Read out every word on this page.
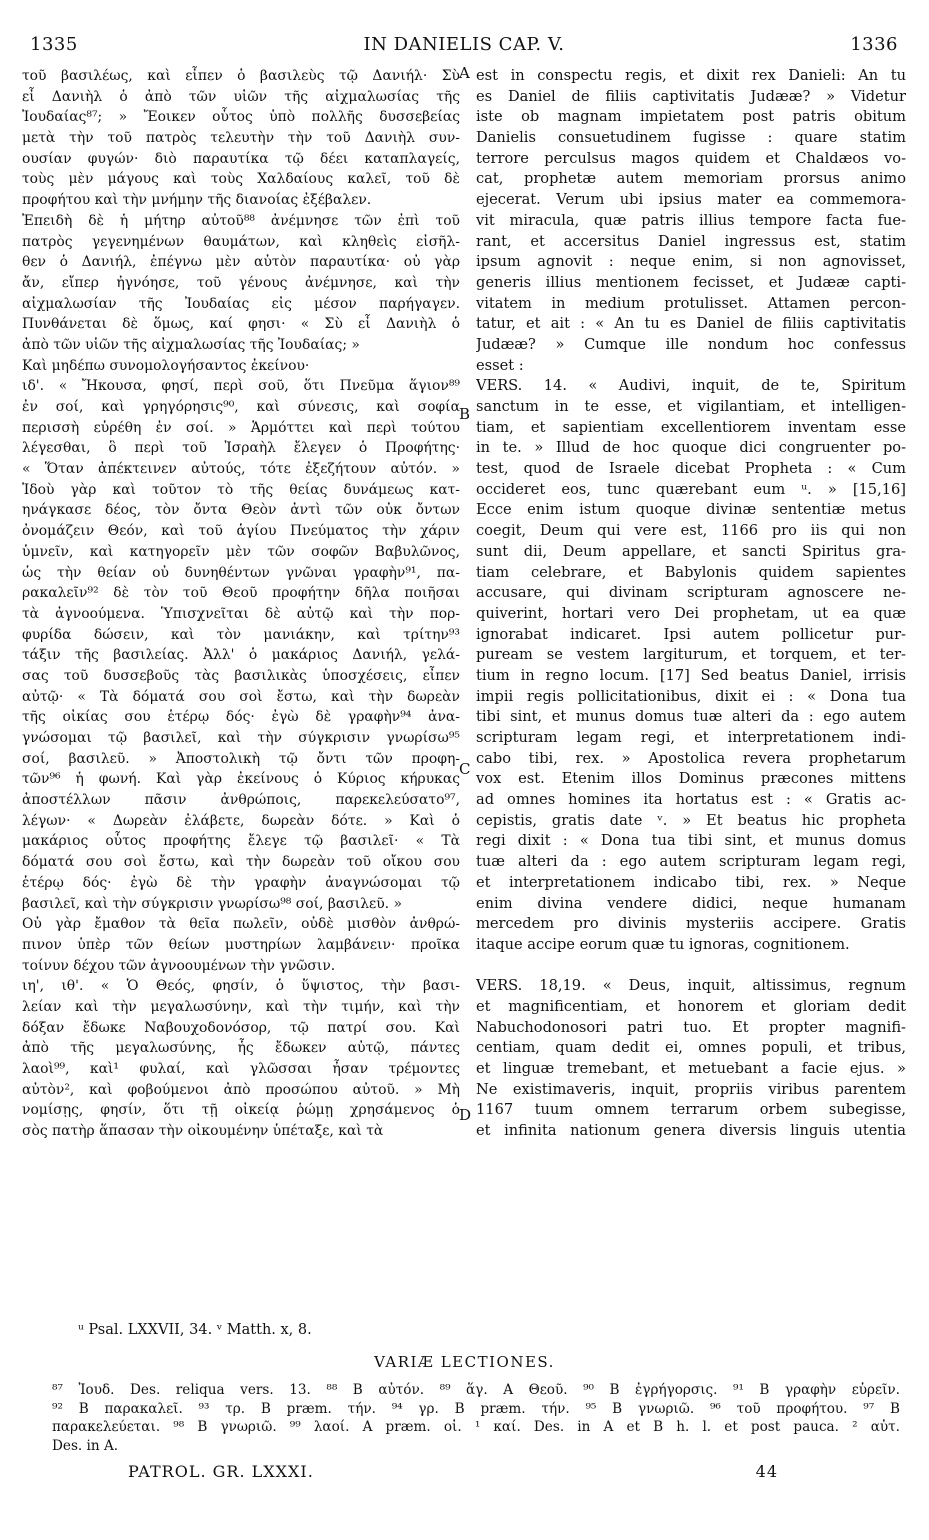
1335	IN DANIELIS CAP. V.	1336
τοῦ βασιλέως, καὶ εἶπεν ὁ βασιλεὺς τῷ Δανιήλ· Σὺ
εἶ Δανιὴλ ὁ ἀπὸ τῶν υἱῶν τῆς αἰχμαλωσίας τῆς
Ἰουδαίας⁸⁷; » Ἔοικεν οὗτος ὑπὸ πολλῆς δυσσεβείας
μετὰ τὴν τοῦ πατρὸς τελευτὴν τὴν τοῦ Δανιὴλ συν-
ουσίαν φυγών· διὸ παραυτίκα τῷ δέει καταπλαγείς,
τοὺς μὲν μάγους καὶ τοὺς Χαλδαίους καλεῖ, τοῦ δὲ
προφήτου καὶ τὴν μνήμην τῆς διανοίας ἐξέβαλεν.
Ἐπειδὴ δὲ ἡ μήτηρ αὐτοῦ⁸⁸ ἀνέμνησε τῶν ἐπὶ τοῦ
πατρὸς γεγενημένων θαυμάτων, καὶ κληθεὶς εἰσῆλ-
θεν ὁ Δανιήλ, ἐπέγνω μὲν αὐτὸν παραυτίκα· οὐ γὰρ
ἄν, εἴπερ ἠγνόησε, τοῦ γένους ἀνέμνησε, καὶ τὴν
αἰχμαλωσίαν τῆς Ἰουδαίας εἰς μέσον παρήγαγεν.
Πυνθάνεται δὲ ὅμως, καί φησι· « Σὺ εἶ Δανιὴλ ὁ
ἀπὸ τῶν υἱῶν τῆς αἰχμαλωσίας τῆς Ἰουδαίας; »
Καὶ μηδέπω συνομολογήσαντος ἐκείνου·
ιδ'. « Ἤκουσα, φησί, περὶ σοῦ, ὅτι Πνεῦμα ἅγιον⁸⁹
ἐν σοί, καὶ γρηγόρησις⁹⁰, καὶ σύνεσις, καὶ σοφία
περισσὴ εὑρέθη ἐν σοί. » Ἁρμόττει καὶ περὶ τούτου
λέγεσθαι, ὃ περὶ τοῦ Ἰσραὴλ ἔλεγεν ὁ Προφήτης·
« Ὅταν ἀπέκτεινεν αὐτούς, τότε ἐξεζήτουν αὐτόν. »
Ἰδοὺ γὰρ καὶ τοῦτον τὸ τῆς θείας δυνάμεως κατ-
ηνάγκασε δέος, τὸν ὄντα Θεὸν ἀντὶ τῶν οὐκ ὄντων
ὀνομάζειν Θεόν, καὶ τοῦ ἁγίου Πνεύματος τὴν χάριν
ὑμνεῖν, καὶ κατηγορεῖν μὲν τῶν σοφῶν Βαβυλῶνος,
ὡς τὴν θείαν οὐ δυνηθέντων γνῶναι γραφὴν⁹¹, πα-
ρακαλεῖν⁹² δὲ τὸν τοῦ Θεοῦ προφήτην δῆλα ποιῆσαι
τὰ ἀγνοούμενα. Ὑπισχνεῖται δὲ αὐτῷ καὶ τὴν πορ-
φυρίδα δώσειν, καὶ τὸν μανιάκην, καὶ τρίτην⁹³
τάξιν τῆς βασιλείας. Ἀλλ' ὁ μακάριος Δανιήλ, γελά-
σας τοῦ δυσσεβοῦς τὰς βασιλικὰς ὑποσχέσεις, εἶπεν
αὐτῷ· « Τὰ δόματά σου σοὶ ἔστω, καὶ τὴν δωρεὰν
τῆς οἰκίας σου ἑτέρῳ δός· ἐγὼ δὲ γραφὴν⁹⁴ ἀνα-
γνώσομαι τῷ βασιλεῖ, καὶ τὴν σύγκρισιν γνωρίσω⁹⁵
σοί, βασιλεῦ. » Ἀποστολικὴ τῷ ὄντι τῶν προφη-
τῶν⁹⁶ ἡ φωνή. Καὶ γὰρ ἐκείνους ὁ Κύριος κήρυκας
ἀποστέλλων πᾶσιν ἀνθρώποις, παρεκελεύσατο⁹⁷,
λέγων· « Δωρεὰν ἐλάβετε, δωρεὰν δότε. » Καὶ ὁ
μακάριος οὗτος προφήτης ἔλεγε τῷ βασιλεῖ· « Τὰ
δόματά σου σοὶ ἔστω, καὶ τὴν δωρεὰν τοῦ οἴκου σου
ἑτέρῳ δός· ἐγὼ δὲ τὴν γραφὴν ἀναγνώσομαι τῷ
βασιλεῖ, καὶ τὴν σύγκρισιν γνωρίσω⁹⁸ σοί, βασιλεῦ. »
Οὐ γὰρ ἔμαθον τὰ θεῖα πωλεῖν, οὐδὲ μισθὸν ἀνθρώ-
πινον ὑπὲρ τῶν θείων μυστηρίων λαμβάνειν· προῖκα
τοίνυν δέχου τῶν ἀγνοουμένων τὴν γνῶσιν.
ιη', ιθ'. « Ὁ Θεός, φησίν, ὁ ὕψιστος, τὴν βασι-
λείαν καὶ τὴν μεγαλωσύνην, καὶ τὴν τιμήν, καὶ τὴν
δόξαν ἔδωκε Ναβουχοδονόσορ, τῷ πατρί σου. Καὶ
ἀπὸ τῆς μεγαλωσύνης, ἧς ἔδωκεν αὐτῷ, πάντες
λαοὶ⁹⁹, καὶ¹ φυλαί, καὶ γλῶσσαι ἦσαν τρέμοντες
αὐτὸν², καὶ φοβούμενοι ἀπὸ προσώπου αὐτοῦ. » Μὴ
νομίσῃς, φησίν, ὅτι τῇ οἰκείᾳ ῥώμῃ χρησάμενος ὁ
σὸς πατὴρ ἅπασαν τὴν οἰκουμένην ὑπέταξε, καὶ τὰ
est in conspectu regis, et dixit rex Danieli: An tu
es Daniel de filiis captivitatis Judææ? » Videtur
iste ob magnam impietatem post patris obitum
Danielis consuetudinem fugisse : quare statim
terrore perculsus magos quidem et Chaldæos vo-
cat, prophetæ autem memoriam prorsus animo
ejecerat. Verum ubi ipsius mater ea commemora-
vit miracula, quæ patris illius tempore facta fue-
rant, et accersitus Daniel ingressus est, statim
ipsum agnovit : neque enim, si non agnovisset,
generis illius mentionem fecisset, et Judææ capti-
vitatem in medium protulisset. Attamen percon-
tatur, et ait : « An tu es Daniel de filiis captivitatis
Judææ? » Cumque ille nondum hoc confessus
esset :
VERS. 14. « Audivi, inquit, de te, Spiritum
sanctum in te esse, et vigilantiam, et intelligen-
tiam, et sapientiam excellentiorem inventam esse
in te. » Illud de hoc quoque dici congruenter po-
test, quod de Israele dicebat Propheta : « Cum
occideret eos, tunc quærebant eum ᵘ. » [15,16]
Ecce enim istum quoque divinæ sententiæ metus
coegit, Deum qui vere est, 1166 pro iis qui non
sunt dii, Deum appellare, et sancti Spiritus gra-
tiam celebrare, et Babylonis quidem sapientes
accusare, qui divinam scripturam agnoscere ne-
quiverint, hortari vero Dei prophetam, ut ea quæ
ignorabat indicaret. Ipsi autem pollicetur pur-
puream se vestem largiturum, et torquem, et ter-
tium in regno locum. [17] Sed beatus Daniel, irrisis
impii regis pollicitationibus, dixit ei : « Dona tua
tibi sint, et munus domus tuæ alteri da : ego autem
scripturam legam regi, et interpretationem indi-
cabo tibi, rex. » Apostolica revera prophetarum
vox est. Etenim illos Dominus præcones mittens
ad omnes homines ita hortatus est : « Gratis ac-
cepistis, gratis date ᵛ. » Et beatus hic propheta
regi dixit : « Dona tua tibi sint, et munus domus
tuæ alteri da : ego autem scripturam legam regi,
et interpretationem indicabo tibi, rex. » Neque
enim divina vendere didici, neque humanam
mercedem pro divinis mysteriis accipere. Gratis
itaque accipe eorum quæ tu ignoras, cognitionem.
VERS. 18,19. « Deus, inquit, altissimus, regnum
et magnificentiam, et honorem et gloriam dedit
Nabuchodonosori patri tuo. Et propter magnifi-
centiam, quam dedit ei, omnes populi, et tribus,
et linguæ tremebant, et metuebant a facie ejus. »
Ne existimaveris, inquit, propriis viribus parentem
1167 tuum omnem terrarum orbem subegisse,
et infinita nationum genera diversis linguis utentia
A
B
C
D
ᵘ Psal. LXXVII, 34. ᵛ Matth. x, 8.
VARIÆ LECTIONES.
⁸⁷ Ἰουδ. Des. reliqua vers. 13. ⁸⁸ B αὐτόν. ⁸⁹ ἅγ. A Θεοῦ. ⁹⁰ B ἐγρήγορσις. ⁹¹ B γραφὴν εὑρεῖν.
⁹² B παρακαλεῖ. ⁹³ τρ. B præm. τήν. ⁹⁴ γρ. B præm. τήν. ⁹⁵ B γνωριῶ. ⁹⁶ τοῦ προφήτου. ⁹⁷ B
παρακελεύεται. ⁹⁸ B γνωριῶ. ⁹⁹ λαοί. A præm. οἱ. ¹ καί. Des. in A et B h. l. et post pauca. ² αὐτ.
Des. in A.
PATROL. GR. LXXXI.	44
